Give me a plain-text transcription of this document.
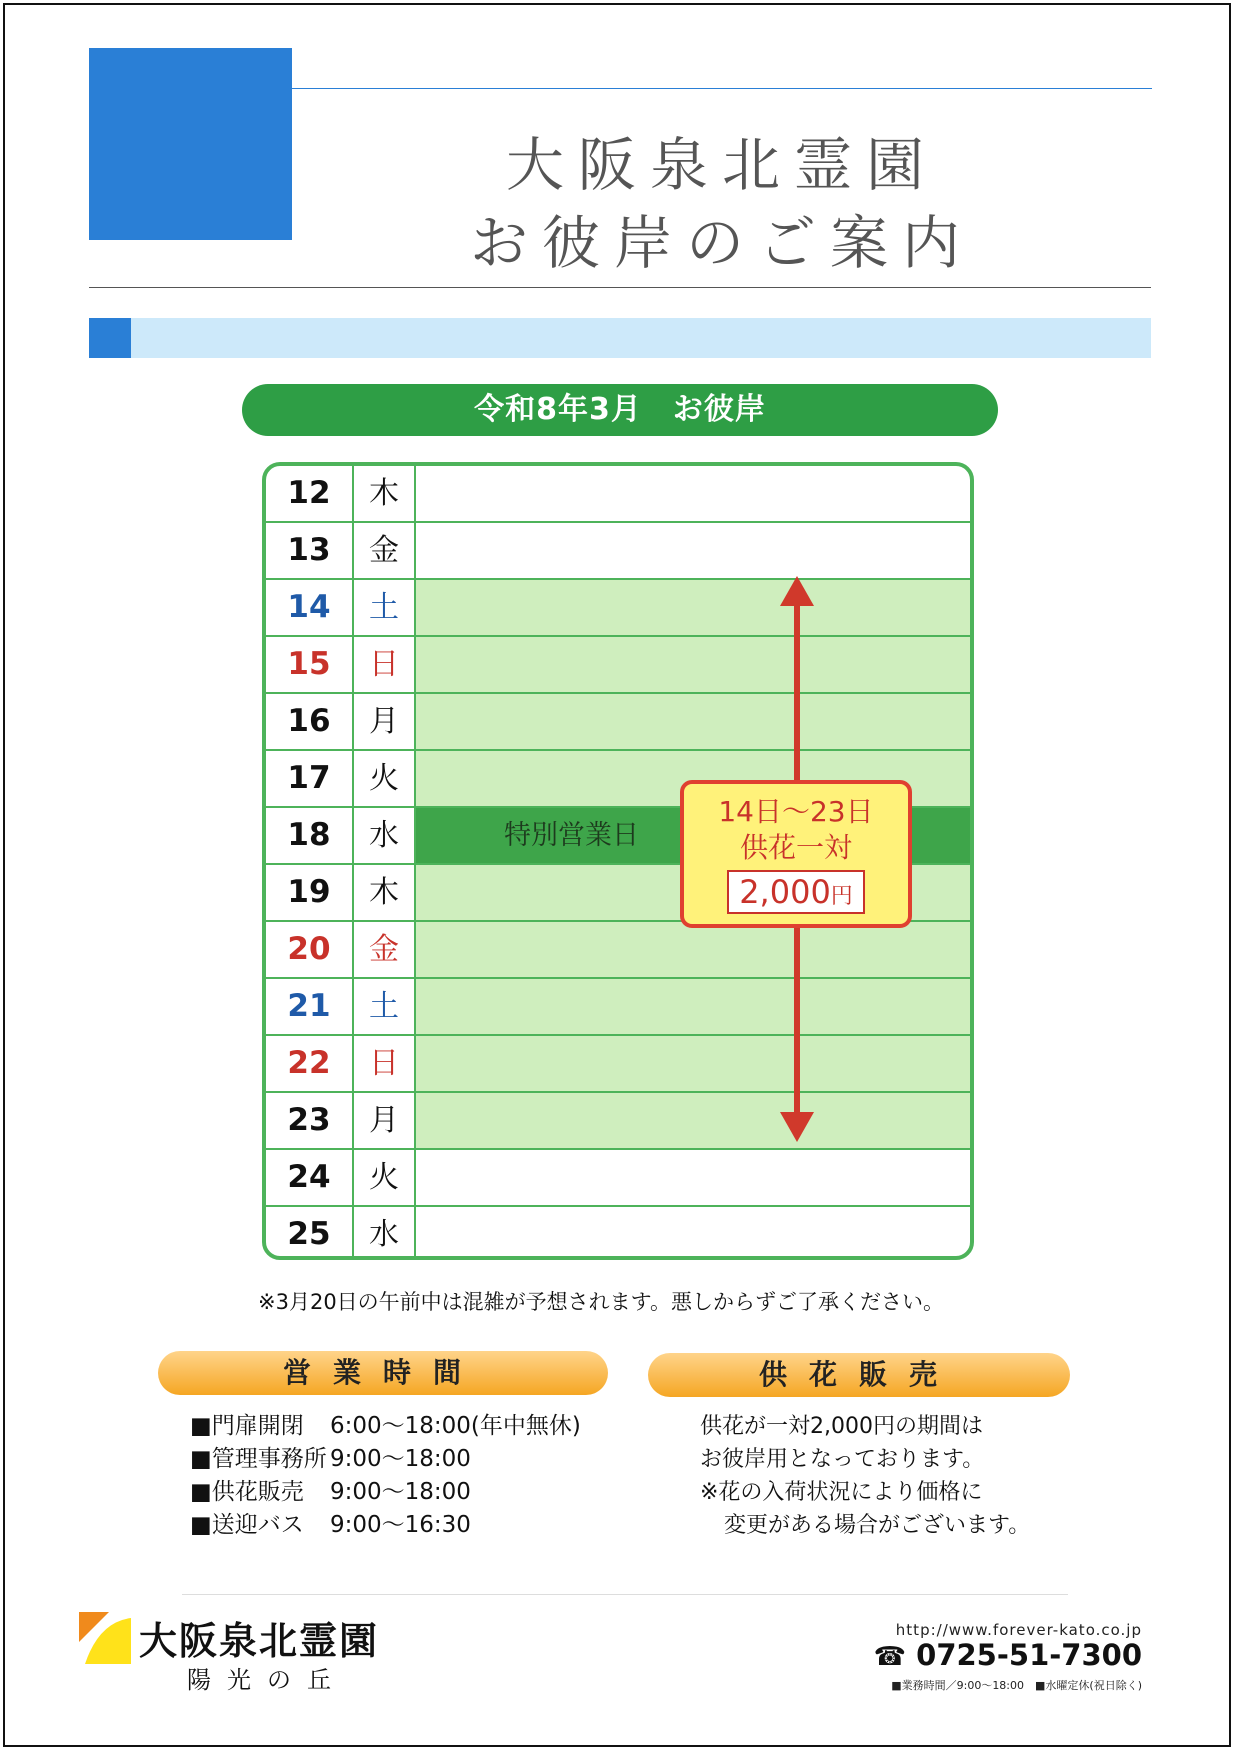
大阪泉北霊園
お彼岸のご案内
令和8年3月　お彼岸
12	木
13	金
14	土
15	日
16	月
17	火
18	水	特別営業日
19	木
20	金
21	土
22	日
23	月
24	火
25	水
14日～23日
供花一対
2,000円
※3月20日の午前中は混雑が予想されます。悪しからずご了承ください。
営業時間
■門扉開閉	6:00～18:00(年中無休)
■管理事務所 9:00～18:00
■供花販売	9:00～18:00
■送迎バス	9:00～16:30
供花販売
供花が一対2,000円の期間は
お彼岸用となっております。
※花の入荷状況により価格に
変更がある場合がございます。
大阪泉北霊園
陽光の丘
http://www.forever-kato.co.jp
☎ 0725-51-7300
■業務時間／9:00～18:00　■水曜定休(祝日除く)
